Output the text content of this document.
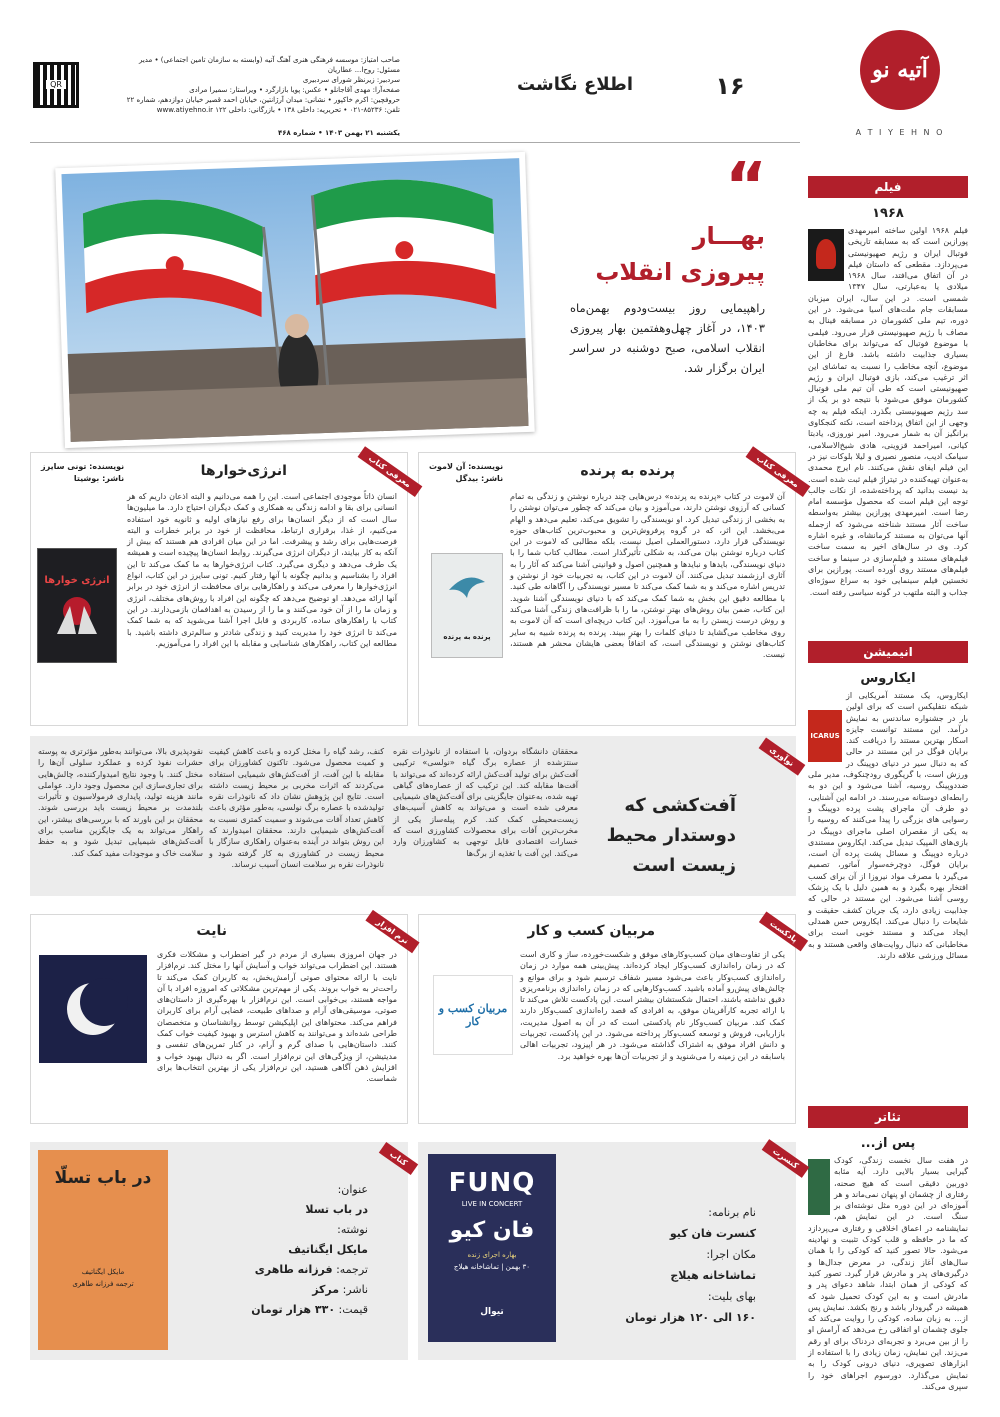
آتیه نو
A T I Y E H N O
۱۶
اطلاع نگاشت
صاحب امتیاز: موسسه فرهنگی هنری آهنگ آتیه (وابسته به سازمان تامین اجتماعی) • مدیر مسئول: روح‌ا... عطاریان
سردبیر: زیرنظر شورای سردبیری
صفحه‌آرا: مهدی آقاجانلو • عکس: پویا بازارگرد • ویراستار: سمیرا مرادی
حروفچین: اکرم خاکپور • نشانی: میدان آرژانتین، خیابان احمد قصیر خیابان دوازدهم، شماره ۲۲
تلفن: ۸۵۲۳۶-۰۲۱ • تحریریه: داخلی ۱۳۸ • بازرگانی: داخلی ۱۲۲ www.atiyehno.ir
QR
یکشنبه ۲۱ بهمن ۱۴۰۳ • شماره ۴۶۸
“
بهـــار
پیروزی انقلاب
راهپیمایی روز بیست‌ودوم بهمن‌ماه ۱۴۰۳، در آغاز چهل‌وهفتمین بهار پیروزی انقلاب اسلامی، صبح دوشنبه در سراسر ایران برگزار شد.
فیلم
۱۹۶۸
فیلم ۱۹۶۸ اولین ساخته امیرمهدی پورازین است که به مسابقه تاریخی فوتبال ایران و رژیم صهیونیستی می‌پردازد. مقطعی که داستان فیلم در آن اتفاق می‌افتد، سال ۱۹۶۸ میلادی یا به‌عبارتی، سال ۱۳۴۷ شمسی است. در این سال، ایران میزبان مسابقات جام ملت‌های آسیا می‌شود. در این دوره، تیم ملی کشورمان در مسابقه فینال به مصاف با رژیم صهیونیستی قرار می‌رود. فیلمی با موضوع فوتبال که می‌تواند برای مخاطبان بسیاری جذابیت داشته باشد. فارغ از این موضوع، آنچه مخاطب را نسبت به تماشای این اثر ترغیب می‌کند، بازی فوتبال ایران و رژیم صهیونیستی است که طی آن تیم ملی فوتبال کشورمان موفق می‌شود با نتیجه دو بر یک از سد رژیم صهیونیستی بگذرد. اینکه فیلم به چه وجهی از این اتفاق پرداخته است، نکته کنجکاوی برانگیز آن به شمار می‌رود. امیر نوروزی، یادبتا کیانی، امیراحمد قزوینی، هادی شیخ‌الاسلامی، سیامک ادیب، منصور نصیری و لیلا بلوکات نیز در این فیلم ایفای نقش می‌کنند. نام ایرج محمدی به‌عنوان تهیه‌کننده در تیتراژ فیلم ثبت شده است. بد نیست بدانید که پرداخته‌شده، از نکات جالب توجه این فیلم است که محصول مؤسسه امام رضا است. امیرمهدی پورازین بیشتر به‌واسطه ساخت آثار مستند شناخته می‌شود که ازجمله آنها می‌توان به مستند کرمانشاه، و غیره اشاره کرد. وی در سال‌های اخیر به سمت ساخت فیلم‌های مستند و فیلم‌سازی در سینما و ساخت فیلم‌های مستند روی آورده است. پورازین برای نخستین فیلم سینمایی خود به سراغ سوژه‌ای جذاب و البته ملتهب در گونه سیاسی رفته است.
انیمیشن
ایکاروس
ICARUS
ایکاروس، یک مستند آمریکایی از شبکه نتفلیکس است که برای اولین بار در جشنواره ساندنس به نمایش درآمد. این مستند توانست جایزه اسکار بهترین مستند را دریافت کند. برایان فوگل در این مستند در حالی که به دنبال سیر در دنیای دوپینگ در ورزش است، با گریگوری رودچنکوف، مدیر ملی ضددوپینگ روسیه، آشنا می‌شود و این دو به رابطه‌ای دوستانه می‌رسند. در ادامه این آشنایی، دو طرف آن ماجرای پشت پرده دوپینگ و رسوایی های بزرگی را پیدا می‌کنند که روسیه را به یکی از مقصران اصلی ماجرای دوپینگ در بازی‌های المپیک تبدیل می‌کند. ایکاروس مستندی درباره دوپینگ و مسائل پشت پرده آن است، برایان فوگل، دوچرخه‌سوار آماتور، تصمیم می‌گیرد با مصرف مواد نیروزا از آن برای کسب افتخار بهره بگیرد و به همین دلیل با یک پزشک روسی آشنا می‌شود. این مستند در حالی که جذابیت زیادی دارد، یک جریان کشف حقیقت و شایعات را دنبال می‌کند. ایکاروس حس همدلی ایجاد می‌کند و مستند خوبی است برای مخاطبانی که دنبال روایت‌های واقعی هستند و به مسائل ورزشی علاقه دارند.
تئاتر
پس از...
در هفت سال نخست زندگی، کودک گیرایی بسیار بالایی دارد. آیه مثابه دوربین دقیقی است که هیچ صحنه، رفتاری از چشمان او پنهان نمی‌ماند و هر آموزه‌ای در این دوره مثل نوشته‌ای بر سنگ است. در این نمایش هم، نمایشنامه در اعماق اخلاقی و رفتاری می‌پردازد که ما در حافظه و قلب کودک تثبیت و نهادینه می‌شود. حالا تصور کنید که کودکی را با همان سال‌های آغاز زندگی، در معرض جدال‌ها و درگیری‌های پدر و مادرش قرار گیرد. تصور کنید که کودکی از همان ابتدا، شاهد دعوای پدر و مادرش است و به این کودک تحمیل شود که همیشه در گیرودار باشد و رنج بکشد. نمایش پس از... به زبان ساده، کودکی را روایت می‌کند که جلوی چشمان او اتفاقی رخ می‌دهد که آرامش او را از بین می‌برد و تجربه‌ای دردناک برای او رقم می‌زند. این نمایش، زمان زیادی را با استفاده از ابزارهای تصویری، دنیای درونی کودک را به نمایش می‌گذارد. دورسوم اجراهای خود را سپری می‌کند.
معرفی کتاب
پرنده به پرنده
نویسنده: آن لاموت
ناشر: بیدگل
پرنده به پرنده
آن لاموت در کتاب «پرنده به پرنده» درس‌هایی چند درباره نوشتن و زندگی به تمام کسانی که آرزوی نوشتن دارند، می‌آموزد و بیان می‌کند که چطور می‌توان نوشتن را به بخشی از زندگی تبدیل کرد. او نویسندگی را تشویق می‌کند، تعلیم می‌دهد و الهام می‌بخشد. این اثر، که در گروه پرفروش‌ترین و محبوب‌ترین کتاب‌های حوزه نویسندگی قرار دارد، دستورالعملی اصیل نیست، بلکه مطالبی که لاموت در این کتاب درباره نوشتن بیان می‌کند، به شکلی تأثیرگذار است. مطالب کتاب شما را با دنیای نویسندگی، بایدها و نبایدها و همچنین اصول و قوانینی آشنا می‌کند که آثار را به آثاری ارزشمند تبدیل می‌کنند. آن لاموت در این کتاب، به تجربیات خود از نوشتن و تدریس اشاره می‌کند و به شما کمک می‌کند تا مسیر نویسندگی را آگاهانه طی کنید. با مطالعه دقیق این بخش به شما کمک می‌کند که با دنیای نویسندگی آشنا شوید. این کتاب، ضمن بیان روش‌های بهتر نوشتن، ما را با ظرافت‌های زندگی آشنا می‌کند و روش درست زیستن را به ما می‌آموزد. این کتاب دریچه‌ای است که آن لاموت به روی مخاطب می‌گشاید تا دنیای کلمات را بهتر ببیند. پرنده به پرنده شبیه به سایر کتاب‌های نوشتن و نویسندگی است، که اتفاقاً بعضی هایشان محشر هم هستند، نیست.
معرفی کتاب
انرژی‌خوارها
نویسنده: تونی سایرز
ناشر: بوشیتا
انرژی خوارها
انسان ذاتاً موجودی اجتماعی است. این را همه می‌دانیم و البته اذعان داریم که هر انسانی برای بقا و ادامه زندگی به همکاری و کمک دیگران احتیاج دارد. ما میلیون‌ها سال است که از دیگر انسان‌ها برای رفع نیازهای اولیه و ثانویه خود استفاده می‌کنیم، از غذا، برقراری ارتباط، محافظت از خود در برابر خطرات و البته فرصت‌هایی برای رشد و پیشرفت. اما در این میان افرادی هم هستند که بیش از آنکه به کار بیایند، از دیگران انرژی می‌گیرند. روابط انسان‌ها پیچیده است و همیشه یک طرف می‌دهد و دیگری می‌گیرد. کتاب انرژی‌خوارها به ما کمک می‌کند تا این افراد را بشناسیم و بدانیم چگونه با آنها رفتار کنیم. تونی سایرز در این کتاب، انواع انرژی‌خوارها را معرفی می‌کند و راهکارهایی برای محافظت از انرژی خود در برابر آنها ارائه می‌دهد. او توضیح می‌دهد که چگونه این افراد با روش‌های مختلف، انرژی و زمان ما را از آن خود می‌کنند و ما را از رسیدن به اهدافمان بازمی‌دارند. در این کتاب با راهکارهای ساده، کاربردی و قابل اجرا آشنا می‌شوید که به شما کمک می‌کند تا انرژی خود را مدیریت کنید و زندگی شادتر و سالم‌تری داشته باشید. با مطالعه این کتاب، راهکارهای شناسایی و مقابله با این افراد را می‌آموزیم.
نوآوری
آفت‌کشی که دوستدار محیط زیست است
محققان دانشگاه بردوان، با استفاده از نانوذرات نقره سنتزشده از عصاره برگ گیاه «نولسی» ترکیبی آفت‌کش برای تولید آفت‌کش ارائه کرده‌اند که می‌تواند با آفت‌ها مقابله کند. این ترکیب که از عصاره‌های گیاهی تهیه شده، به‌عنوان جایگزینی برای آفت‌کش‌های شیمیایی معرفی شده است و می‌تواند به کاهش آسیب‌های زیست‌محیطی کمک کند. کرم پیله‌ساز یکی از مخرب‌ترین آفات برای محصولات کشاورزی است که خسارات اقتصادی قابل توجهی به کشاورزان وارد می‌کند. این آفت با تغذیه از برگ‌ها
کنف، رشد گیاه را مختل کرده و باعث کاهش کیفیت و کمیت محصول می‌شود. تاکنون کشاورزان برای مقابله با این آفت، از آفت‌کش‌های شیمیایی استفاده می‌کردند که اثرات مخربی بر محیط زیست داشته است. نتایج این پژوهش نشان داد که نانوذرات نقره تولیدشده با عصاره برگ نولسی، به‌طور مؤثری باعث کاهش تعداد آفات می‌شوند و سمیت کمتری نسبت به آفت‌کش‌های شیمیایی دارند. محققان امیدوارند که این روش بتواند در آینده به‌عنوان راهکاری سازگار با محیط زیست در کشاورزی به کار گرفته شود و نانوذرات نقره بر سلامت انسان آسیب نرساند.
نقودپذیری بالا، می‌توانند به‌طور مؤثرتری به پوسته حشرات نفوذ کرده و عملکرد سلولی آن‌ها را مختل کنند. با وجود نتایج امیدوارکننده، چالش‌هایی برای تجاری‌سازی این محصول وجود دارد. عواملی مانند هزینه تولید، پایداری فرمولاسیون و تأثیرات بلندمدت بر محیط زیست باید بررسی شوند. محققان بر این باورند که با بررسی‌های بیشتر، این راهکار می‌تواند به یک جایگزین مناسب برای آفت‌کش‌های شیمیایی تبدیل شود و به حفظ سلامت خاک و موجودات مفید کمک کند.
پادکست
مربیان کسب و کار
مربیان کسب و کار
یکی از تفاوت‌های میان کسب‌وکارهای موفق و شکست‌خورده، ساز و کاری است که در زمان راه‌اندازی کسب‌وکار ایجاد کرده‌اند. پیش‌بینی همه موارد در زمان راه‌اندازی کسب‌وکار باعث می‌شود مسیر شفاف ترسیم شود و برای موانع و چالش‌های پیش‌رو آماده باشید. کسب‌وکارهایی که در زمان راه‌اندازی برنامه‌ریزی دقیق نداشته باشند، احتمال شکستشان بیشتر است. این پادکست تلاش می‌کند تا با ارائه تجربه کارآفرینان موفق، به افرادی که قصد راه‌اندازی کسب‌وکار دارند کمک کند. مربیان کسب‌وکار نام پادکستی است که در آن به اصول مدیریت، بازاریابی، فروش و توسعه کسب‌وکار پرداخته می‌شود. در این پادکست، تجربیات و دانش افراد موفق به اشتراک گذاشته می‌شود. در هر اپیزود، تجربیات اهالی باسابقه در این زمینه را می‌شنوید و از تجربیات آن‌ها بهره خواهید برد.
نرم افزار
نایت
در جهان امروزی بسیاری از مردم در گیر اضطراب و مشکلات فکری هستند. این اضطراب می‌تواند خواب و آسایش آنها را مختل کند. نرم‌افزار نایت با ارائه محتوای صوتی آرامش‌بخش، به کاربران کمک می‌کند تا راحت‌تر به خواب بروند. یکی از مهم‌ترین مشکلاتی که امروزه افراد با آن مواجه هستند، بی‌خوابی است. این نرم‌افزار با بهره‌گیری از داستان‌های صوتی، موسیقی‌های آرام و صداهای طبیعت، فضایی آرام برای کاربران فراهم می‌کند. محتواهای این اپلیکیشن توسط روانشناسان و متخصصان طراحی شده‌اند و می‌توانند به کاهش استرس و بهبود کیفیت خواب کمک کنند. داستان‌هایی با صدای گرم و آرام، در کنار تمرین‌های تنفسی و مدیتیشن، از ویژگی‌های این نرم‌افزار است. اگر به دنبال بهبود خواب و افزایش ذهن آگاهی هستید، این نرم‌افزار یکی از بهترین انتخاب‌ها برای شماست.
کنسرت
FUNQ
LIVE IN CONCERT
فان کیو
بهاره اجرای زنده
۳۰ بهمن | تماشاخانه هیلاج
تیوال
نام برنامه:
کنسرت فان کیو
مکان اجرا:
تماشاخانه هیلاج
بهای بلیت:
۱۶۰ الی ۱۲۰ هزار تومان
کتاب
در باب تسلّا
مایکل ایگناتیف
ترجمه فرزانه طاهری
عنوان:
در باب تسلا
نوشته:
مایکل ایگناتیف
ترجمه: فرزانه طاهری
ناشر: مرکز
قیمت: ۳۳۰ هزار تومان
